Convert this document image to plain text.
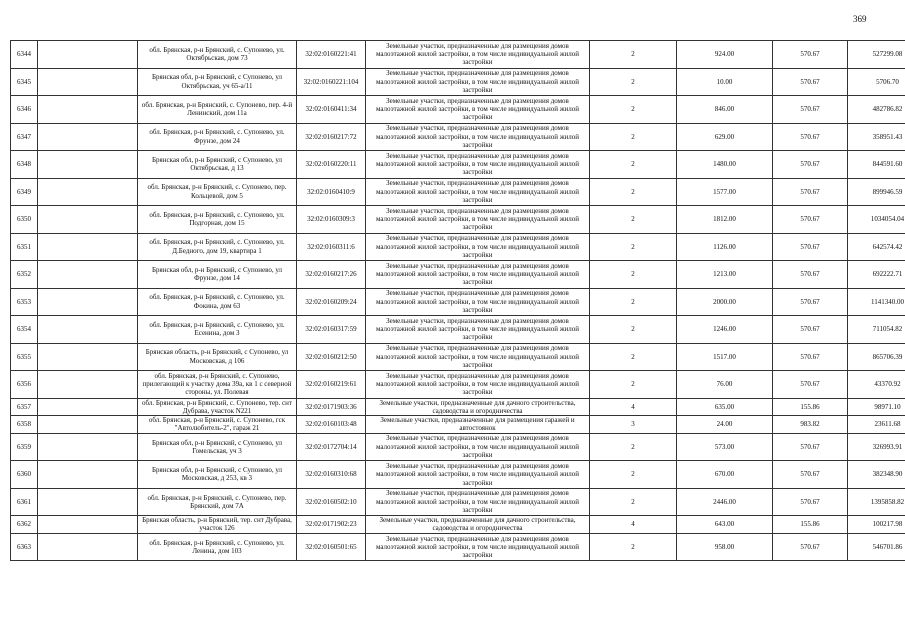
369
6344		обл. Брянская, р-н Брянский, с. Супонево, ул. Октябрьская, дом 73	32:02:0160221:41	Земельные участки, предназначенные для размещения домов малоэтажной жилой застройки, в том числе индивидуальной жилой застройки	2	924.00	570.67	527299.08
6345		Брянская обл, р-н Брянский, с Супонево, ул Октябрьская, уч 65-а/11	32:02:0160221:104	Земельные участки, предназначенные для размещения домов малоэтажной жилой застройки, в том числе индивидуальной жилой застройки	2	10.00	570.67	5706.70
6346		обл. Брянская, р-н Брянский, с. Супонево, пер. 4-й Ленинский, дом 11а	32:02:0160411:34	Земельные участки, предназначенные для размещения домов малоэтажной жилой застройки, в том числе индивидуальной жилой застройки	2	846.00	570.67	482786.82
6347		обл. Брянская, р-н Брянский, с. Супонево, ул. Фрунзе, дом 24	32:02:0160217:72	Земельные участки, предназначенные для размещения домов малоэтажной жилой застройки, в том числе индивидуальной жилой застройки	2	629.00	570.67	358951.43
6348		Брянская обл, р-н Брянский, с Супонево, ул Октябрьская, д 13	32:02:0160220:11	Земельные участки, предназначенные для размещения домов малоэтажной жилой застройки, в том числе индивидуальной жилой застройки	2	1480.00	570.67	844591.60
6349		обл. Брянская, р-н Брянский, с. Супонево, пер. Кольцевой, дом 5	32:02:0160410:9	Земельные участки, предназначенные для размещения домов малоэтажной жилой застройки, в том числе индивидуальной жилой застройки	2	1577.00	570.67	899946.59
6350		обл. Брянская, р-н Брянский, с. Супонево, ул. Подгорная, дом 15	32:02:0160309:3	Земельные участки, предназначенные для размещения домов малоэтажной жилой застройки, в том числе индивидуальной жилой застройки	2	1812.00	570.67	1034054.04
6351		обл. Брянская, р-н Брянский, с. Супонево, ул. Д.Бедного, дом 19, квартира 1	32:02:0160311:6	Земельные участки, предназначенные для размещения домов малоэтажной жилой застройки, в том числе индивидуальной жилой застройки	2	1126.00	570.67	642574.42
6352		Брянская обл, р-н Брянский, с Супонево, ул Фрунзе, дом 14	32:02:0160217:26	Земельные участки, предназначенные для размещения домов малоэтажной жилой застройки, в том числе индивидуальной жилой застройки	2	1213.00	570.67	692222.71
6353		обл. Брянская, р-н Брянский, с. Супонево, ул. Фокина, дом 63	32:02:0160209:24	Земельные участки, предназначенные для размещения домов малоэтажной жилой застройки, в том числе индивидуальной жилой застройки	2	2000.00	570.67	1141340.00
6354		обл. Брянская, р-н Брянский, с. Супонево, ул. Есенина, дом 3	32:02:0160317:59	Земельные участки, предназначенные для размещения домов малоэтажной жилой застройки, в том числе индивидуальной жилой застройки	2	1246.00	570.67	711054.82
6355		Брянская область, р-н Брянский, с Супонево, ул Московская, д 106	32:02:0160212:50	Земельные участки, предназначенные для размещения домов малоэтажной жилой застройки, в том числе индивидуальной жилой застройки	2	1517.00	570.67	865706.39
6356		обл. Брянская, р-н Брянский, с. Супонево, прилегающий к участку дома 39а, кв 1 с северной стороны, ул. Полевая	32:02:0160219:61	Земельные участки, предназначенные для размещения домов малоэтажной жилой застройки, в том числе индивидуальной жилой застройки	2	76.00	570.67	43370.92
6357		обл. Брянская, р-н Брянский, с. Супонево, тер. снт Дубрава, участок N221	32:02:0171903:36	Земельные участки, предназначенные для дачного строительства, садоводства и огородничества	4	635.00	155.86	98971.10
6358		обл. Брянская, р-н Брянский, с. Супонево, гск "Автолюбитель-2", гараж 21	32:02:0160103:48	Земельные участки, предназначенные для размещения гаражей и автостоянок	3	24.00	983.82	23611.68
6359		Брянская обл, р-н Брянский, с Супонево, ул Гомельская, уч 3	32:02:0172704:14	Земельные участки, предназначенные для размещения домов малоэтажной жилой застройки, в том числе индивидуальной жилой застройки	2	573.00	570.67	326993.91
6360		Брянская обл, р-н Брянский, с Супонево, ул Московская, д 253, кв 3	32:02:0160310:68	Земельные участки, предназначенные для размещения домов малоэтажной жилой застройки, в том числе индивидуальной жилой застройки	2	670.00	570.67	382348.90
6361		обл. Брянская, р-н Брянский, с. Супонево, пер. Брянский, дом 7А	32:02:0160502:10	Земельные участки, предназначенные для размещения домов малоэтажной жилой застройки, в том числе индивидуальной жилой застройки	2	2446.00	570.67	1395858.82
6362		Брянская область, р-н Брянский, тер. снт Дубрава, участок 126	32:02:0171902:23	Земельные участки, предназначенные для дачного строительства, садоводства и огородничества	4	643.00	155.86	100217.98
6363		обл. Брянская, р-н Брянский, с. Супонево, ул. Ленина, дом 103	32:02:0160501:65	Земельные участки, предназначенные для размещения домов малоэтажной жилой застройки, в том числе индивидуальной жилой застройки	2	958.00	570.67	546701.86
